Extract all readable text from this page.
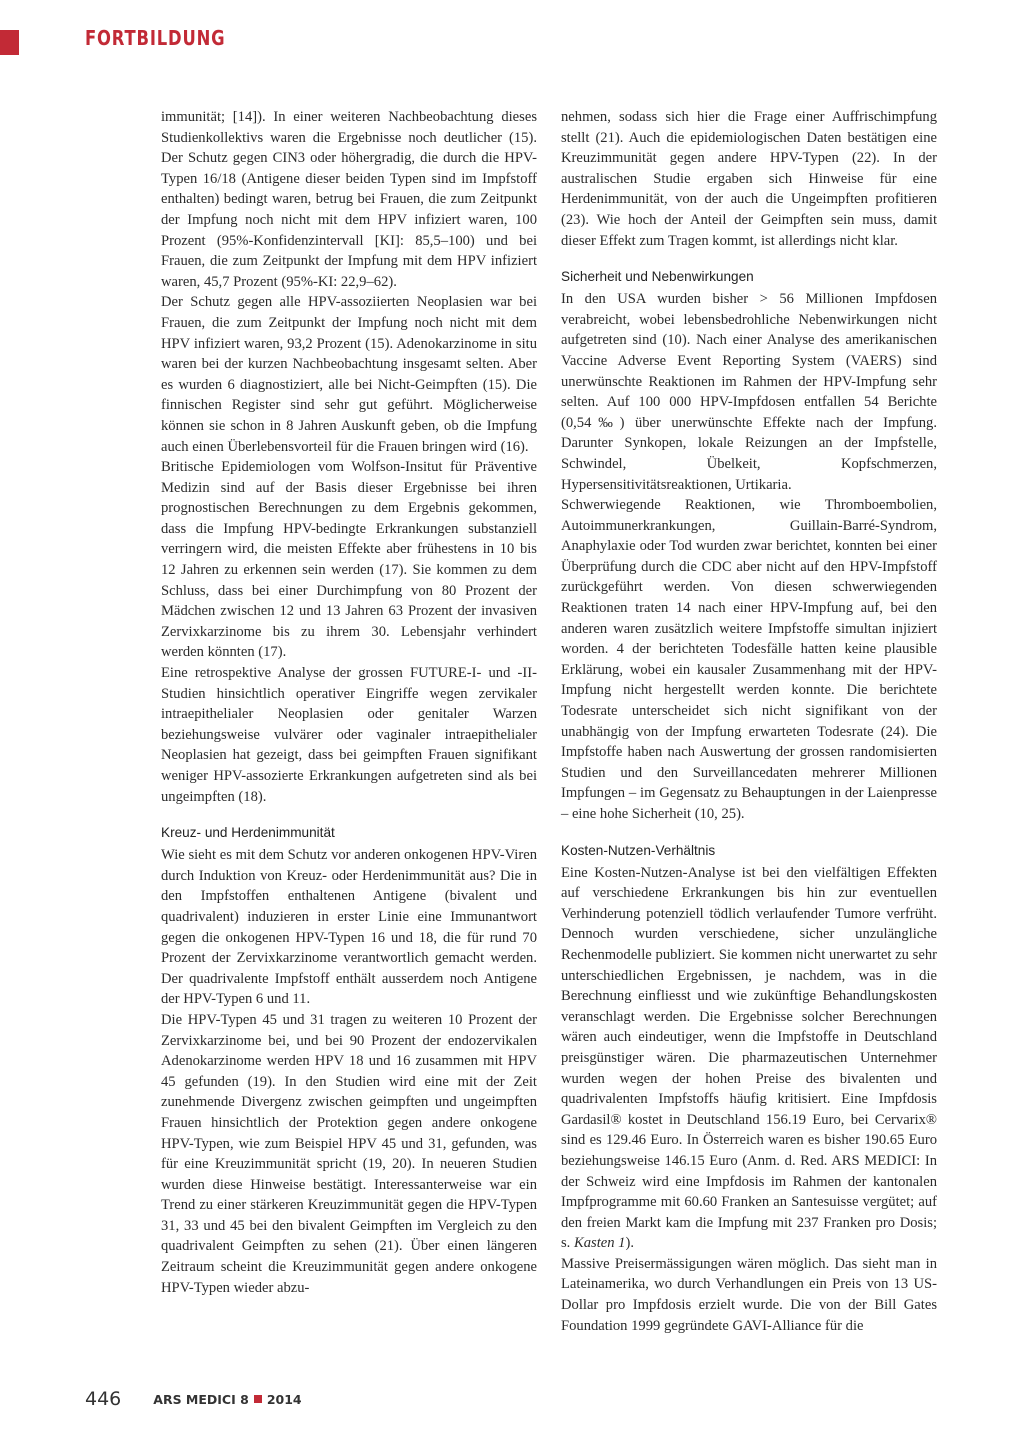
FORTBILDUNG

immunität; [14]). In einer weiteren Nachbeobachtung dieses Studienkollektivs waren die Ergebnisse noch deutlicher (15). Der Schutz gegen CIN3 oder höhergradig, die durch die HPV-Typen 16/18 (Antigene dieser beiden Typen sind im Impfstoff enthalten) bedingt waren, betrug bei Frauen, die zum Zeitpunkt der Impfung noch nicht mit dem HPV infiziert waren, 100 Prozent (95%-Konfidenzintervall [KI]: 85,5–100) und bei Frauen, die zum Zeitpunkt der Impfung mit dem HPV infiziert waren, 45,7 Prozent (95%-KI: 22,9–62).

Der Schutz gegen alle HPV-assoziierten Neoplasien war bei Frauen, die zum Zeitpunkt der Impfung noch nicht mit dem HPV infiziert waren, 93,2 Prozent (15). Adenokarzinome in situ waren bei der kurzen Nachbeobachtung insgesamt selten. Aber es wurden 6 diagnostiziert, alle bei Nicht-Geimpften (15). Die finnischen Register sind sehr gut geführt. Möglicherweise können sie schon in 8 Jahren Auskunft geben, ob die Impfung auch einen Überlebensvorteil für die Frauen bringen wird (16).

Britische Epidemiologen vom Wolfson-Insitut für Präventive Medizin sind auf der Basis dieser Ergebnisse bei ihren prognostischen Berechnungen zu dem Ergebnis gekommen, dass die Impfung HPV-bedingte Erkrankungen substanziell verringern wird, die meisten Effekte aber frühestens in 10 bis 12 Jahren zu erkennen sein werden (17). Sie kommen zu dem Schluss, dass bei einer Durchimpfung von 80 Prozent der Mädchen zwischen 12 und 13 Jahren 63 Prozent der invasiven Zervixkarzinome bis zu ihrem 30. Lebensjahr verhindert werden könnten (17).

Eine retrospektive Analyse der grossen FUTURE-I- und -II-Studien hinsichtlich operativer Eingriffe wegen zervikaler intraepithelialer Neoplasien oder genitaler Warzen beziehungsweise vulvärer oder vaginaler intraepithelialer Neoplasien hat gezeigt, dass bei geimpften Frauen signifikant weniger HPV-assozierte Erkrankungen aufgetreten sind als bei ungeimpften (18).

Kreuz- und Herdenimmunität

Wie sieht es mit dem Schutz vor anderen onkogenen HPV-Viren durch Induktion von Kreuz- oder Herdenimmunität aus? Die in den Impfstoffen enthaltenen Antigene (bivalent und quadrivalent) induzieren in erster Linie eine Immunantwort gegen die onkogenen HPV-Typen 16 und 18, die für rund 70 Prozent der Zervixkarzinome verantwortlich gemacht werden. Der quadrivalente Impfstoff enthält ausserdem noch Antigene der HPV-Typen 6 und 11.

Die HPV-Typen 45 und 31 tragen zu weiteren 10 Prozent der Zervixkarzinome bei, und bei 90 Prozent der endozervikalen Adenokarzinome werden HPV 18 und 16 zusammen mit HPV 45 gefunden (19). In den Studien wird eine mit der Zeit zunehmende Divergenz zwischen geimpften und ungeimpften Frauen hinsichtlich der Protektion gegen andere onkogene HPV-Typen, wie zum Beispiel HPV 45 und 31, gefunden, was für eine Kreuzimmunität spricht (19, 20). In neueren Studien wurden diese Hinweise bestätigt. Interessanterweise war ein Trend zu einer stärkeren Kreuzimmunität gegen die HPV-Typen 31, 33 und 45 bei den bivalent Geimpften im Vergleich zu den quadrivalent Geimpften zu sehen (21). Über einen längeren Zeitraum scheint die Kreuzimmunität gegen andere onkogene HPV-Typen wieder abzu-

nehmen, sodass sich hier die Frage einer Auffrischimpfung stellt (21). Auch die epidemiologischen Daten bestätigen eine Kreuzimmunität gegen andere HPV-Typen (22). In der australischen Studie ergaben sich Hinweise für eine Herdenimmunität, von der auch die Ungeimpften profitieren (23). Wie hoch der Anteil der Geimpften sein muss, damit dieser Effekt zum Tragen kommt, ist allerdings nicht klar.

Sicherheit und Nebenwirkungen

In den USA wurden bisher > 56 Millionen Impfdosen verabreicht, wobei lebensbedrohliche Nebenwirkungen nicht aufgetreten sind (10). Nach einer Analyse des amerikanischen Vaccine Adverse Event Reporting System (VAERS) sind unerwünschte Reaktionen im Rahmen der HPV-Impfung sehr selten. Auf 100 000 HPV-Impfdosen entfallen 54 Berichte (0,54‰) über unerwünschte Effekte nach der Impfung. Darunter Synkopen, lokale Reizungen an der Impfstelle, Schwindel, Übelkeit, Kopfschmerzen, Hypersensitivitätsreaktionen, Urtikaria.

Schwerwiegende Reaktionen, wie Thromboembolien, Autoimmunerkrankungen, Guillain-Barré-Syndrom, Anaphylaxie oder Tod wurden zwar berichtet, konnten bei einer Überprüfung durch die CDC aber nicht auf den HPV-Impfstoff zurückgeführt werden. Von diesen schwerwiegenden Reaktionen traten 14 nach einer HPV-Impfung auf, bei den anderen waren zusätzlich weitere Impfstoffe simultan injiziert worden. 4 der berichteten Todesfälle hatten keine plausible Erklärung, wobei ein kausaler Zusammenhang mit der HPV-Impfung nicht hergestellt werden konnte. Die berichtete Todesrate unterscheidet sich nicht signifikant von der unabhängig von der Impfung erwarteten Todesrate (24). Die Impfstoffe haben nach Auswertung der grossen randomisierten Studien und den Surveillancedaten mehrerer Millionen Impfungen – im Gegensatz zu Behauptungen in der Laienpresse – eine hohe Sicherheit (10, 25).

Kosten-Nutzen-Verhältnis

Eine Kosten-Nutzen-Analyse ist bei den vielfältigen Effekten auf verschiedene Erkrankungen bis hin zur eventuellen Verhinderung potenziell tödlich verlaufender Tumore verfrüht. Dennoch wurden verschiedene, sicher unzulängliche Rechenmodelle publiziert. Sie kommen nicht unerwartet zu sehr unterschiedlichen Ergebnissen, je nachdem, was in die Berechnung einfliesst und wie zukünftige Behandlungskosten veranschlagt werden. Die Ergebnisse solcher Berechnungen wären auch eindeutiger, wenn die Impfstoffe in Deutschland preisgünstiger wären. Die pharmazeutischen Unternehmer wurden wegen der hohen Preise des bivalenten und quadrivalenten Impfstoffs häufig kritisiert. Eine Impfdosis Gardasil® kostet in Deutschland 156.19 Euro, bei Cervarix® sind es 129.46 Euro. In Österreich waren es bisher 190.65 Euro beziehungsweise 146.15 Euro (Anm. d. Red. ARS MEDICI: In der Schweiz wird eine Impfdosis im Rahmen der kantonalen Impfprogramme mit 60.60 Franken an Santesuisse vergütet; auf den freien Markt kam die Impfung mit 237 Franken pro Dosis; s. Kasten 1).

Massive Preisermässigungen wären möglich. Das sieht man in Lateinamerika, wo durch Verhandlungen ein Preis von 13 US-Dollar pro Impfdosis erzielt wurde. Die von der Bill Gates Foundation 1999 gegründete GAVI-Alliance für die

446	ARS MEDICI 8 2014
